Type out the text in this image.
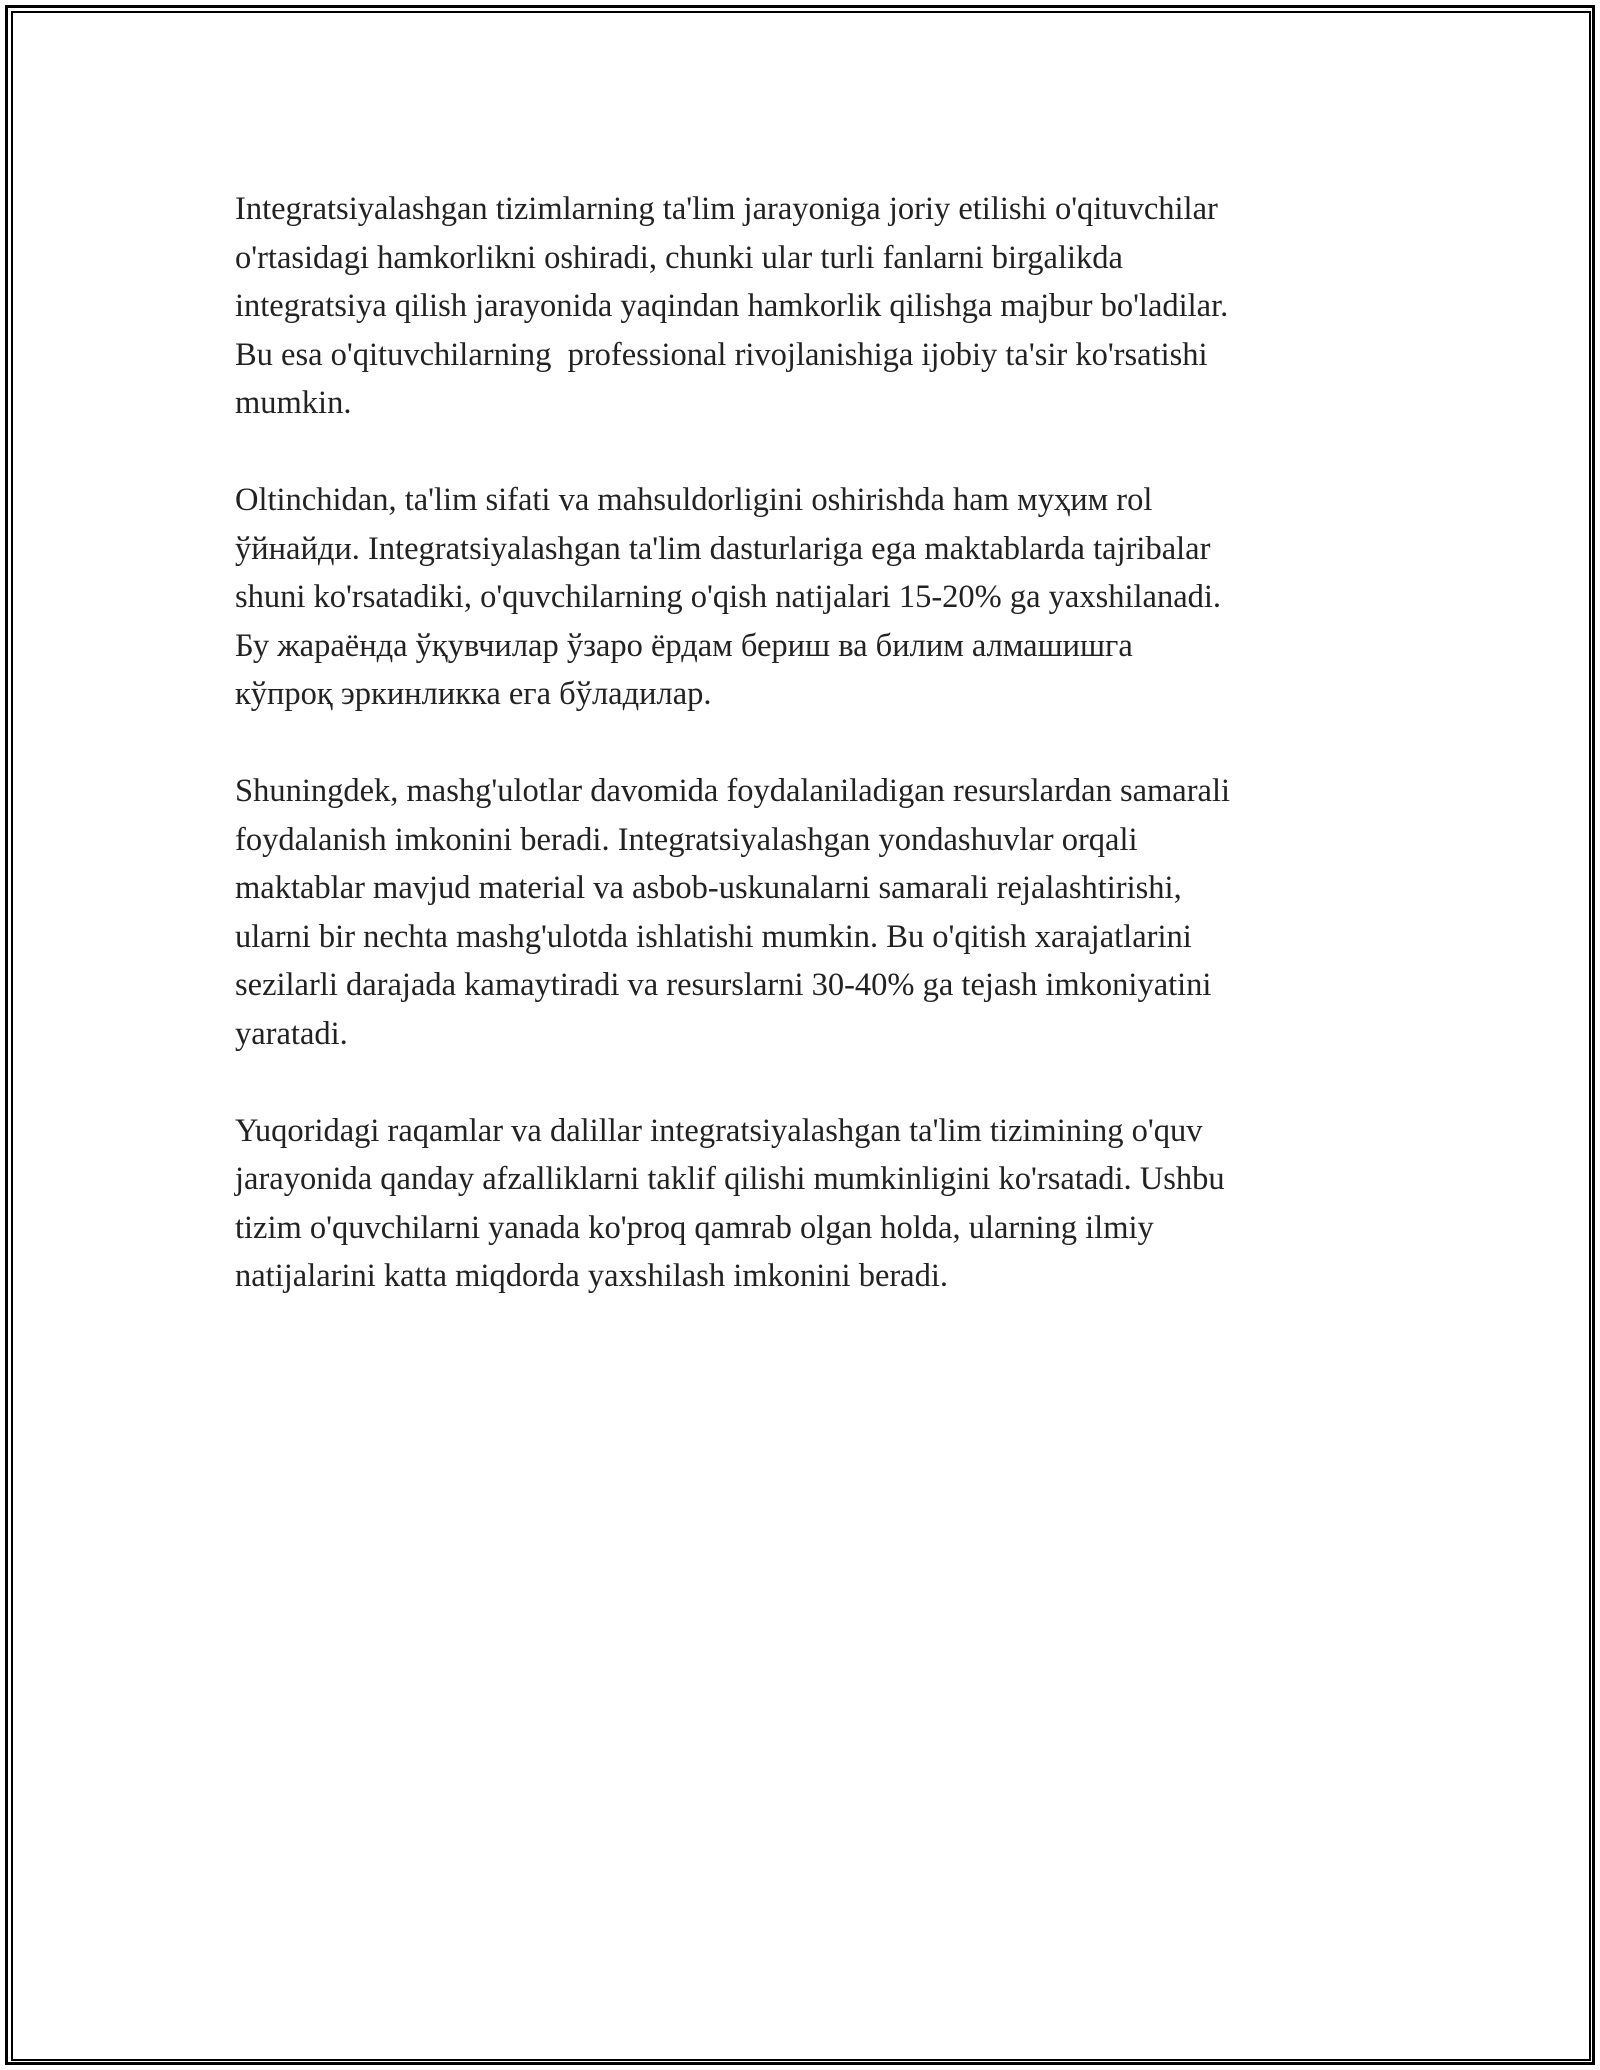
Integratsiyalashgan tizimlarning ta'lim jarayoniga joriy etilishi o'qituvchilar
o'rtasidagi hamkorlikni oshiradi, chunki ular turli fanlarni birgalikda
integratsiya qilish jarayonida yaqindan hamkorlik qilishga majbur bo'ladilar.
Bu esa o'qituvchilarning  professional rivojlanishiga ijobiy ta'sir ko'rsatishi
mumkin.

Oltinchidan, ta'lim sifati va mahsuldorligini oshirishda ham муҳим rol
ўйнайди. Integratsiyalashgan ta'lim dasturlariga ega maktablarda tajribalar
shuni ko'rsatadiki, o'quvchilarning o'qish natijalari 15-20% ga yaxshilanadi.
Бу жараёнда ўқувчилар ўзаро ёрдам бериш ва билим алмашишга
кўпроқ эркинликка ега бўладилар.

Shuningdek, mashg'ulotlar davomida foydalaniladigan resurslardan samarali
foydalanish imkonini beradi. Integratsiyalashgan yondashuvlar orqali
maktablar mavjud material va asbob-uskunalarni samarali rejalashtirishi,
ularni bir nechta mashg'ulotda ishlatishi mumkin. Bu o'qitish xarajatlarini
sezilarli darajada kamaytiradi va resurslarni 30-40% ga tejash imkoniyatini
yaratadi.

Yuqoridagi raqamlar va dalillar integratsiyalashgan ta'lim tizimining o'quv
jarayonida qanday afzalliklarni taklif qilishi mumkinligini ko'rsatadi. Ushbu
tizim o'quvchilarni yanada ko'proq qamrab olgan holda, ularning ilmiy
natijalarini katta miqdorda yaxshilash imkonini beradi.
